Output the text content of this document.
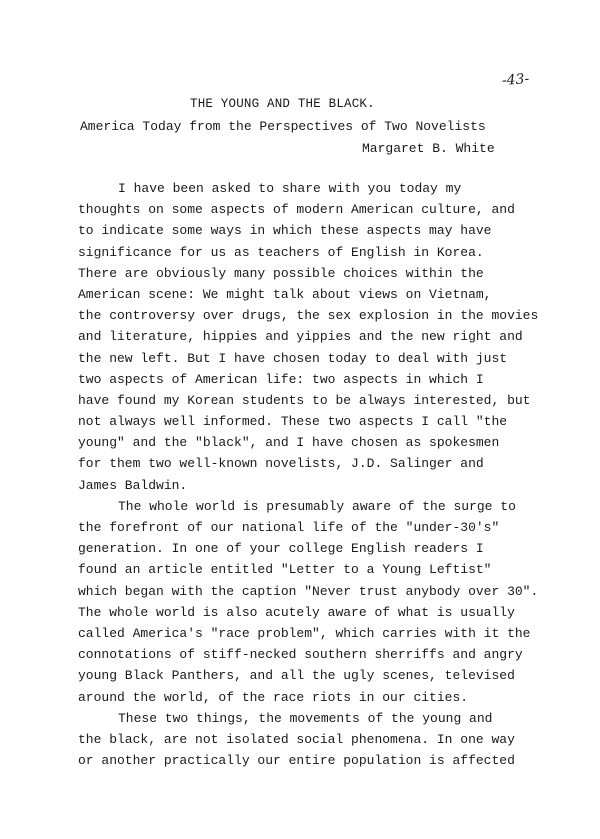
-43-
THE YOUNG AND THE BLACK.
America Today from the Perspectives of Two Novelists
Margaret B. White
I have been asked to share with you today my
thoughts on some aspects of modern American culture, and
to indicate some ways in which these aspects may have
significance for us as teachers of English in Korea.
There are obviously many possible choices within the
American scene: We might talk about views on Vietnam,
the controversy over drugs, the sex explosion in the movies
and literature, hippies and yippies and the new right and
the new left. But I have chosen today to deal with just
two aspects of American life: two aspects in which I
have found my Korean students to be always interested, but
not always well informed. These two aspects I call "the
young" and the "black", and I have chosen as spokesmen
for them two well-known novelists, J.D. Salinger and
James Baldwin.
The whole world is presumably aware of the surge to
the forefront of our national life of the "under-30's"
generation. In one of your college English readers I
found an article entitled "Letter to a Young Leftist"
which began with the caption "Never trust anybody over 30".
The whole world is also acutely aware of what is usually
called America's "race problem", which carries with it the
connotations of stiff-necked southern sherriffs and angry
young Black Panthers, and all the ugly scenes, televised
around the world, of the race riots in our cities.
These two things, the movements of the young and
the black, are not isolated social phenomena. In one way
or another practically our entire population is affected
